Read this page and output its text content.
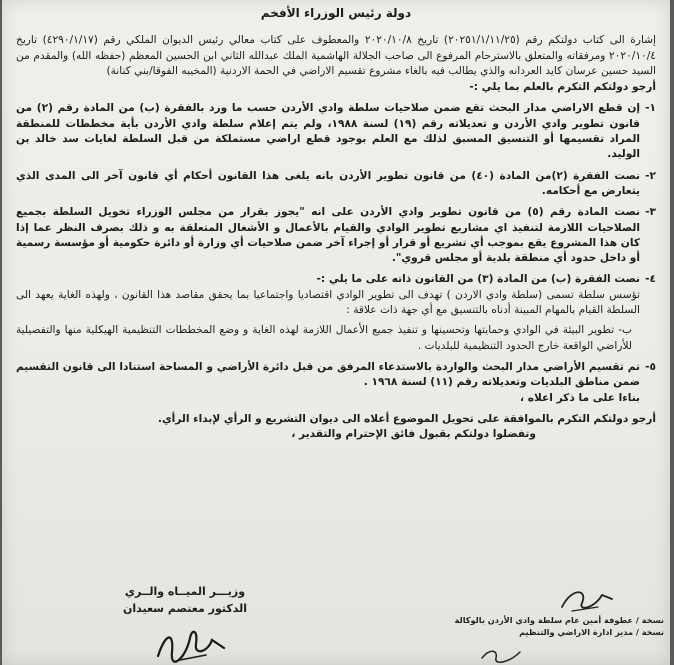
دولة رئيس الوزراء الأفخم

إشارة الى كتاب دولتكم رقم (٢٠٢٥١/١/١١/٢٥) تاريخ ٢٠٢٠/١٠/٨ والمعطوف على كتاب معالي رئيس الديوان الملكي رقم (٤٢٩٠/١/١٧) تاريخ ٢٠٢٠/١٠/٤ ومرفقاته والمتعلق بالاسترحام المرفوع الى صاحب الجلالة الهاشمية الملك عبدالله الثاني ابن الحسين المعظم (حفظه الله) والمقدم من السيد حسين عرسان كايد العردانه والذي يطالب فيه بالغاء مشروع تقسيم الاراضي في الحمة الاردنية (المخيبه الفوقا/بني كنانة)

أرجو دولتكم التكرم بالعلم بما يلي :-

١-

إن قطع الاراضي مدار البحث تقع ضمن صلاحيات سلطة وادي الأردن حسب ما ورد بالفقرة (ب) من المادة رقم (٢) من قانون تطوير وادي الأردن و تعديلاته رقم (١٩) لسنة ١٩٨٨، ولم يتم إعلام سلطة وادي الأردن بأية مخططات للمنطقة المراد تقسيمها أو التنسيق المسبق لذلك مع العلم بوجود قطع اراضي مستملكة من قبل السلطة لغايات سد خالد بن الوليد.

٢-

نصت الفقرة (٢)من المادة (٤٠) من قانون تطوير الأردن بانه يلغى هذا القانون أحكام أي قانون آخر الى المدى الذي يتعارض مع أحكامه.

٣-

نصت المادة رقم (٥) من قانون تطوير وادي الأردن على انه "يجوز بقرار من مجلس الوزراء تخويل السلطة بجميع الصلاحيات اللازمة لتنفيذ اي مشاريع تطوير الوادي والقيام بالأعمال و الأشغال المتعلقة به و ذلك بصرف النظر عما إذا كان هذا المشروع يقع بموجب أي تشريع أو قرار أو إجراء آخر ضمن صلاحيات أي وزارة أو دائرة حكومية أو مؤسسة رسمية أو داخل حدود أي منطقة بلدية أو مجلس قروي".

٤-

نصت الفقرة (ب) من المادة (٣) من القانون ذاته على ما يلي :-

تؤسس سلطة تسمى (سلطة وادي الاردن ) تهدف الى تطوير الوادي اقتصاديا واجتماعيا بما يحقق مقاصد هذا القانون ، ولهذه الغاية يعهد الى السلطة القيام بالمهام المبينة أدناه بالتنسيق مع أي جهة ذات علاقة :

ب- تطوير البيئة في الوادي وحمايتها وتحسينها و تنفيذ جميع الأعمال اللازمة لهذه الغاية و وضع المخططات التنظيمية الهيكلية منها والتفصيلية للأراضي الواقعة خارج الحدود التنظيمية للبلديات .

٥-

تم تقسيم الأراضي مدار البحث والواردة بالاستدعاء المرفق من قبل دائرة الأراضي و المساحة استنادا الى قانون التقسيم ضمن مناطق البلديات وتعديلاته رقم (١١) لسنة ١٩٦٨ .

بناءا على ما ذكر اعلاه ،

أرجو دولتكم التكرم بالموافقة على تحويل الموضوع أعلاه الى ديوان التشريع و الرأي لإبداء الرأي.

وتفضلوا دولتكم بقبول فائق الإحترام والتقدير ،

وزيـــر الميــاه والــري
الدكتور معتصم سعيدان
نسخة / عطوفة أمين عام سلطة وادي الأردن بالوكالة
نسخة / مدير ادارة الاراضي والتنظيم
